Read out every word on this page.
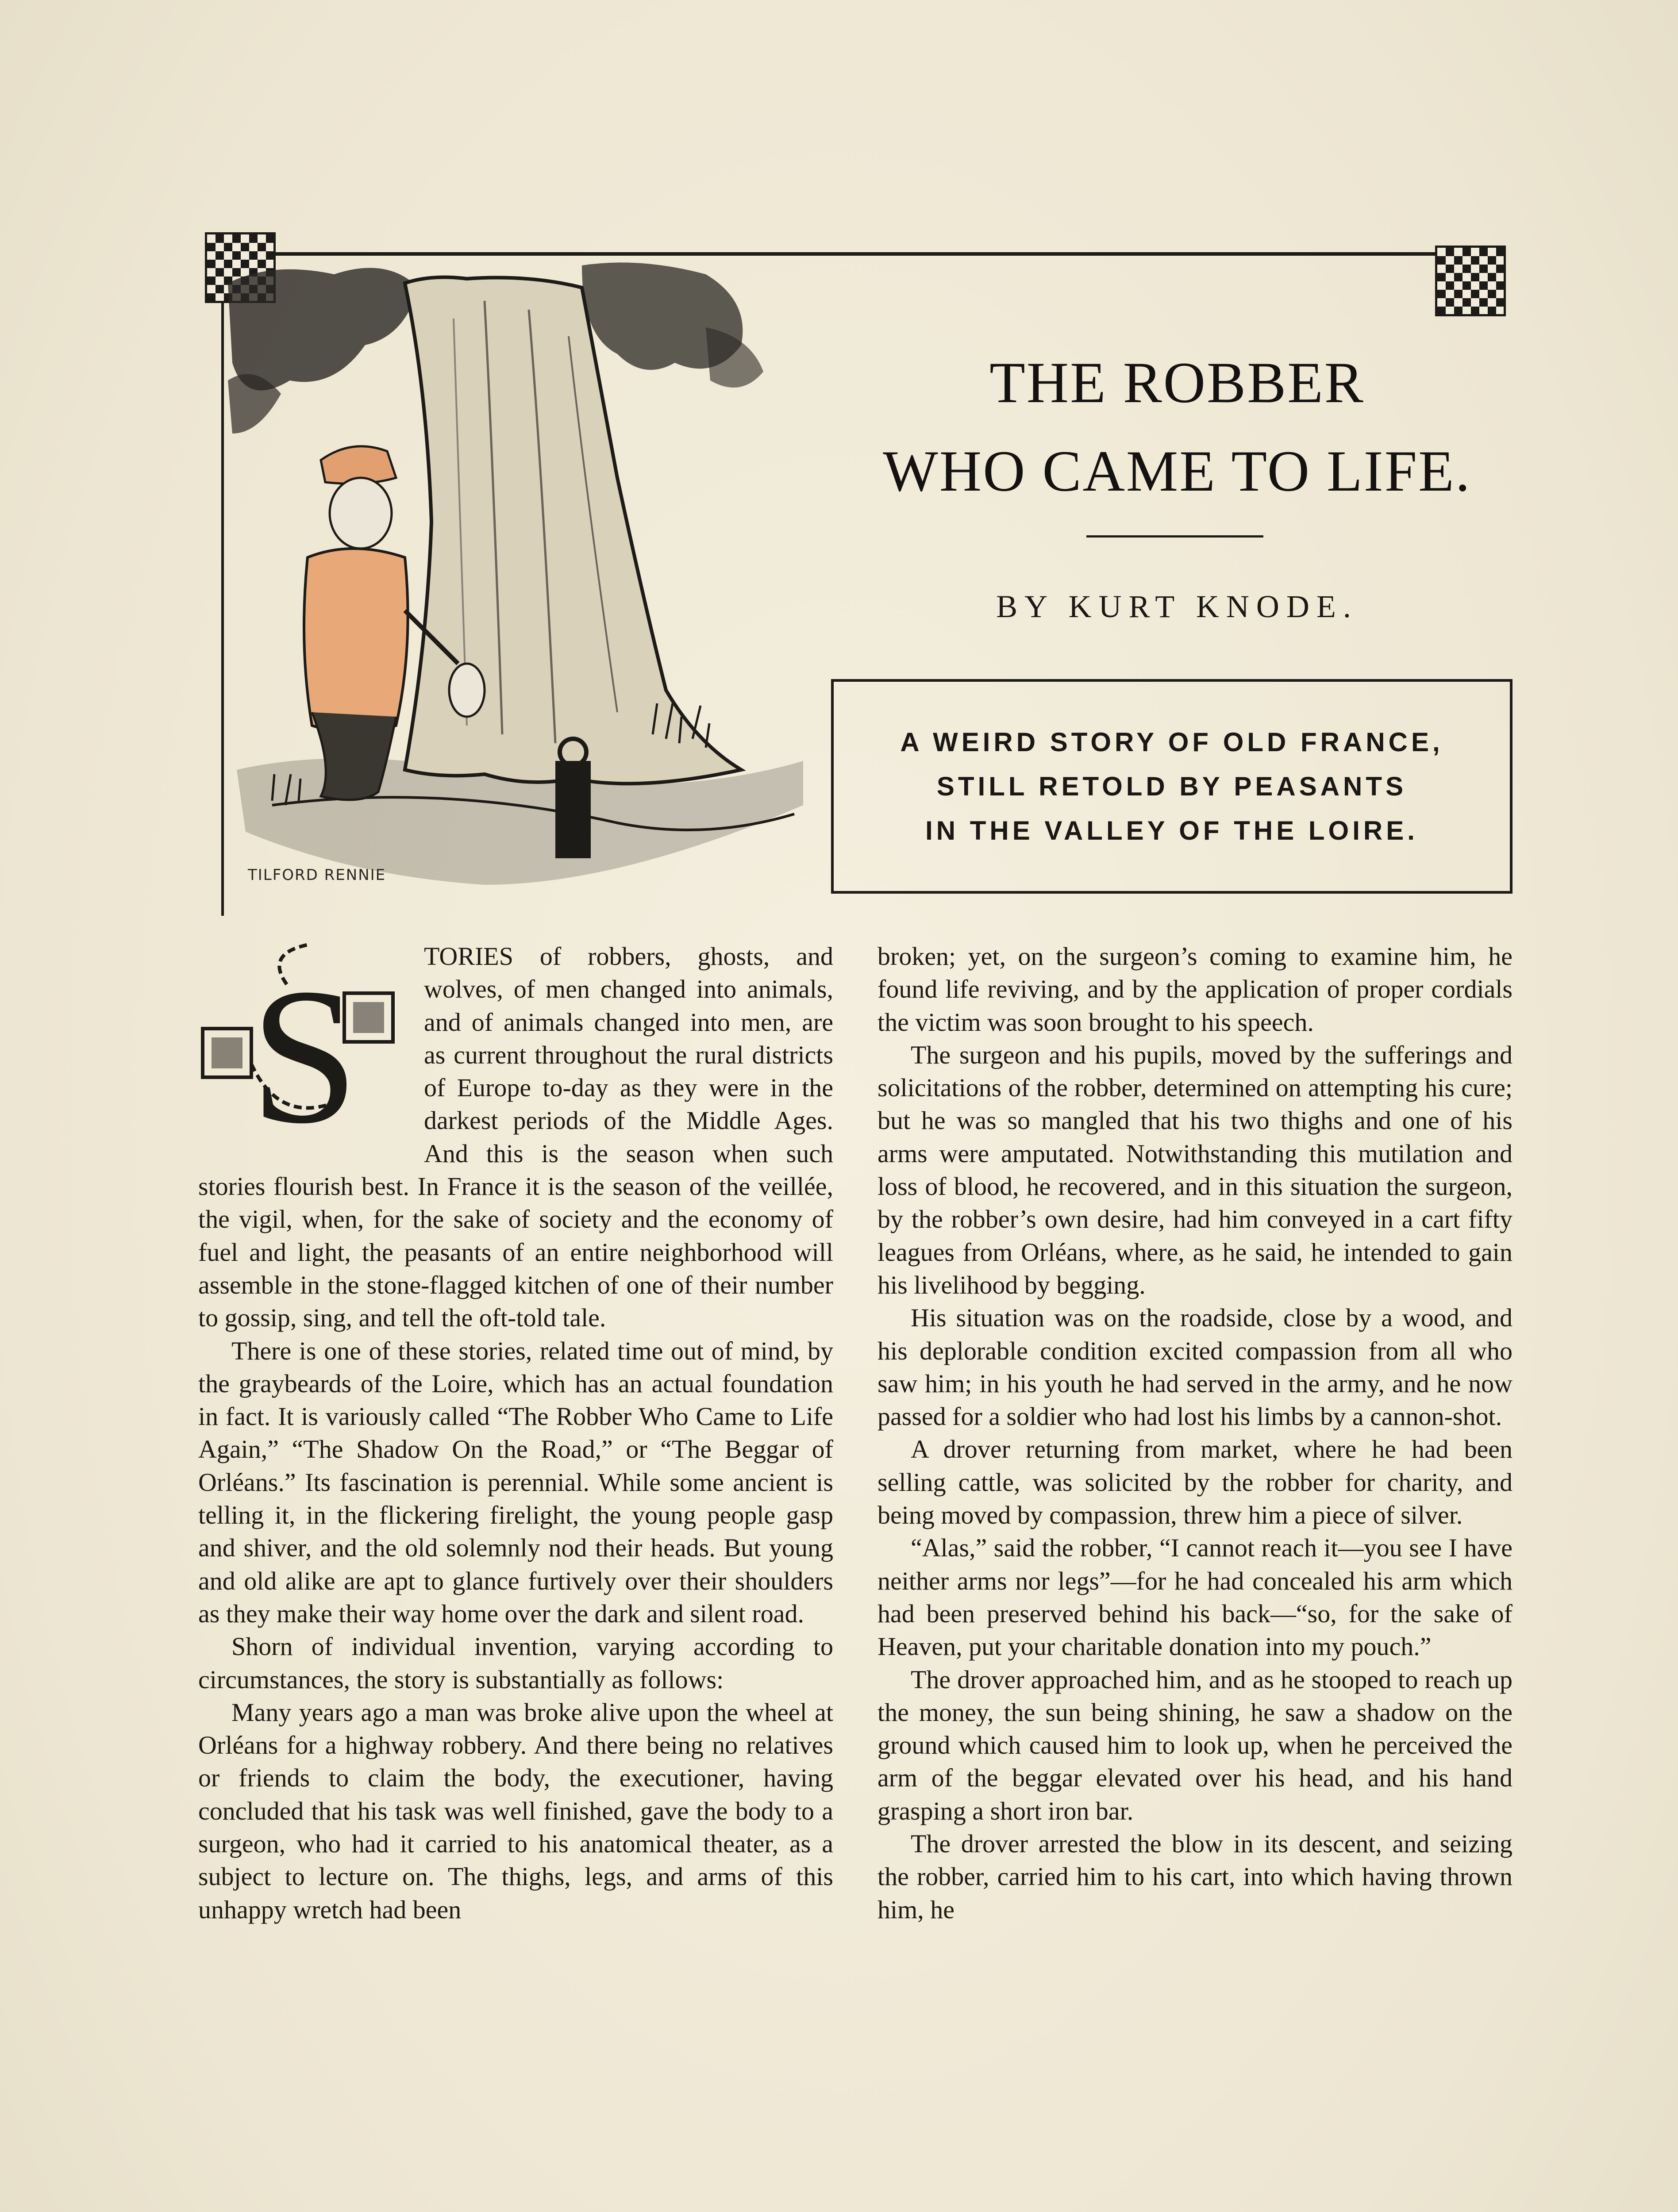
TILFORD RENNIE
THE ROBBER
WHO CAME TO LIFE.
BY KURT KNODE.
A WEIRD STORY OF OLD FRANCE,
STILL RETOLD BY PEASANTS
IN THE VALLEY OF THE LOIRE.
S	TORIES of robbers, ghosts, and wolves, of men changed into animals, and of animals changed into men, are as current throughout the rural districts of Europe to-day as they were in the darkest periods of the Middle Ages. And this is the season when such stories flourish best. In France it is the season of the veillée, the vigil, when, for the sake of society and the economy of fuel and light, the peasants of an entire neighborhood will assemble in the stone-flagged kitchen of one of their number to gossip, sing, and tell the oft-told tale.

There is one of these stories, related time out of mind, by the graybeards of the Loire, which has an actual foundation in fact. It is variously called “The Robber Who Came to Life Again,” “The Shadow On the Road,” or “The Beggar of Orléans.” Its fascination is perennial. While some ancient is telling it, in the flickering firelight, the young people gasp and shiver, and the old solemnly nod their heads. But young and old alike are apt to glance furtively over their shoulders as they make their way home over the dark and silent road.

Shorn of individual invention, varying according to circumstances, the story is substantially as follows:

Many years ago a man was broke alive upon the wheel at Orléans for a highway robbery. And there being no relatives or friends to claim the body, the executioner, having concluded that his task was well finished, gave the body to a surgeon, who had it carried to his anatomical theater, as a subject to lecture on. The thighs, legs, and arms of this unhappy wretch had been

broken; yet, on the surgeon’s coming to examine him, he found life reviving, and by the application of proper cordials the victim was soon brought to his speech.

The surgeon and his pupils, moved by the sufferings and solicitations of the robber, determined on attempting his cure; but he was so mangled that his two thighs and one of his arms were amputated. Notwithstanding this mutilation and loss of blood, he recovered, and in this situation the surgeon, by the robber’s own desire, had him conveyed in a cart fifty leagues from Orléans, where, as he said, he intended to gain his livelihood by begging.

His situation was on the roadside, close by a wood, and his deplorable condition excited compassion from all who saw him; in his youth he had served in the army, and he now passed for a soldier who had lost his limbs by a cannon-shot.

A drover returning from market, where he had been selling cattle, was solicited by the robber for charity, and being moved by compassion, threw him a piece of silver.

“Alas,” said the robber, “I cannot reach it—you see I have neither arms nor legs”—for he had concealed his arm which had been preserved behind his back—“so, for the sake of Heaven, put your charitable donation into my pouch.”

The drover approached him, and as he stooped to reach up the money, the sun being shining, he saw a shadow on the ground which caused him to look up, when he perceived the arm of the beggar elevated over his head, and his hand grasping a short iron bar.

The drover arrested the blow in its descent, and seizing the robber, carried him to his cart, into which having thrown him, he
